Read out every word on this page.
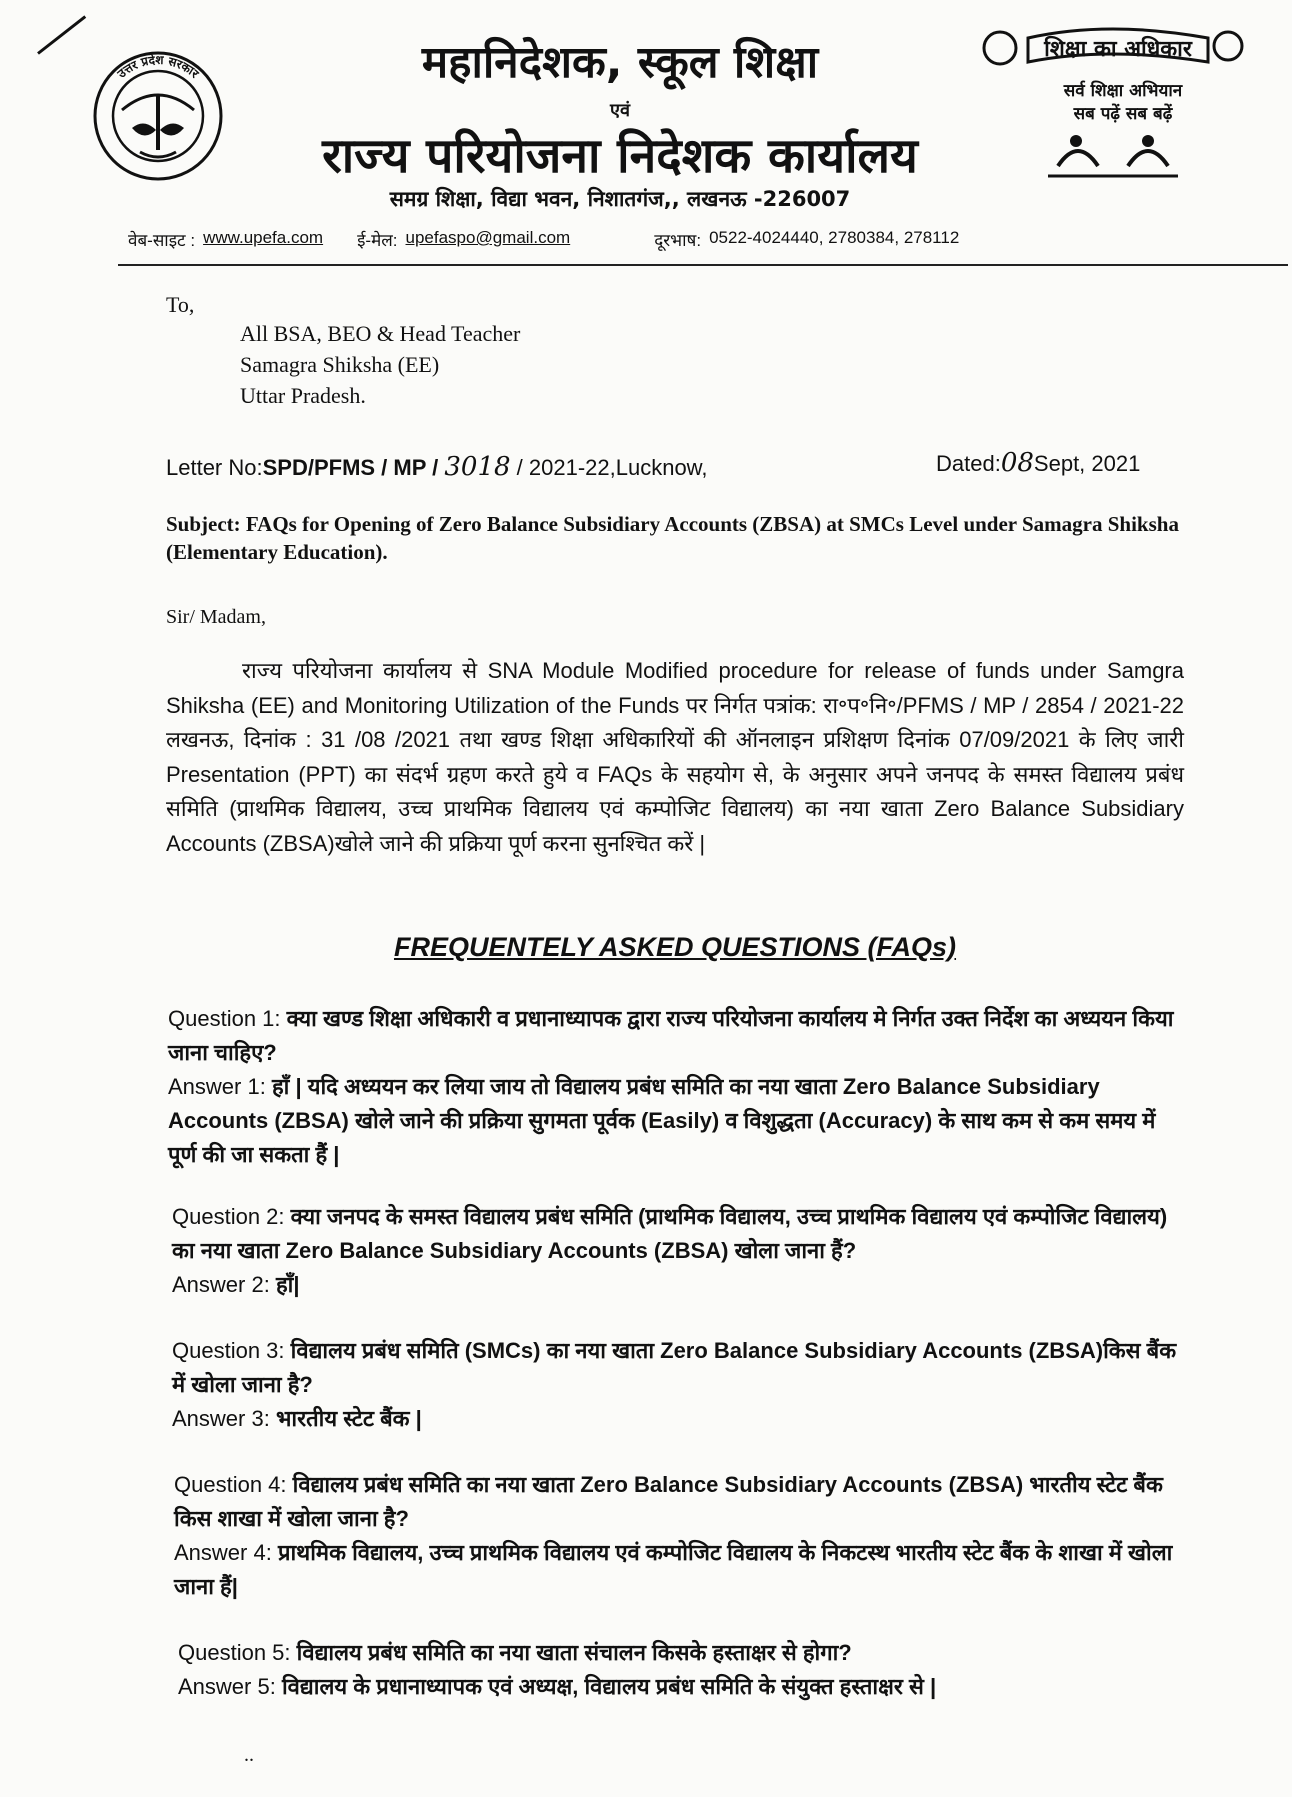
उत्तर प्रदेश सरकार	महानिदेशक, स्कूल शिक्षा
एवं
राज्य परियोजना निदेशक कार्यालय
समग्र शिक्षा, विद्या भवन, निशातगंज,, लखनऊ -226007
शिक्षा का अधिकार
सर्व शिक्षा अभियान
सब पढ़ें सब बढ़ें
वेब-साइट : www.upefa.com ई-मेल: upefaspo@gmail.com	दूरभाष: 0522-4024440, 2780384, 278112
To,
All BSA, BEO & Head Teacher
Samagra Shiksha (EE)
Uttar Pradesh.
Letter No:SPD/PFMS / MP / 3018 / 2021-22,Lucknow,	Dated:08Sept, 2021
Subject: FAQs for Opening of Zero Balance Subsidiary Accounts (ZBSA) at SMCs Level under Samagra Shiksha (Elementary Education).
Sir/ Madam,
राज्य परियोजना कार्यालय से SNA Module Modified procedure for release of funds under Samgra Shiksha (EE) and Monitoring Utilization of the Funds पर निर्गत पत्रांक: रा॰प॰नि॰/PFMS / MP / 2854 / 2021-22 लखनऊ, दिनांक : 31 /08 /2021 तथा खण्ड शिक्षा अधिकारियों की ऑनलाइन प्रशिक्षण दिनांक 07/09/2021 के लिए जारी Presentation (PPT) का संदर्भ ग्रहण करते हुये व FAQs के सहयोग से, के अनुसार अपने जनपद के समस्त विद्यालय प्रबंध समिति (प्राथमिक विद्यालय, उच्च प्राथमिक विद्यालय एवं कम्पोजिट विद्यालय) का नया खाता Zero Balance Subsidiary Accounts (ZBSA)खोले जाने की प्रक्रिया पूर्ण करना सुनश्चित करें |
FREQUENTELY ASKED QUESTIONS (FAQs)
Question 1: क्या खण्ड शिक्षा अधिकारी व प्रधानाध्यापक द्वारा राज्य परियोजना कार्यालय मे निर्गत उक्त निर्देश का अध्ययन किया जाना चाहिए?
Answer 1: हाँ | यदि अध्ययन कर लिया जाय तो विद्यालय प्रबंध समिति का नया खाता Zero Balance Subsidiary Accounts (ZBSA) खोले जाने की प्रक्रिया सुगमता पूर्वक (Easily) व विशुद्धता (Accuracy) के साथ कम से कम समय में पूर्ण की जा सकता हैं |
Question 2: क्या जनपद के समस्त विद्यालय प्रबंध समिति (प्राथमिक विद्यालय, उच्च प्राथमिक विद्यालय एवं कम्पोजिट विद्यालय) का नया खाता Zero Balance Subsidiary Accounts (ZBSA) खोला जाना हैं?
Answer 2: हाँ|
Question 3: विद्यालय प्रबंध समिति (SMCs) का नया खाता Zero Balance Subsidiary Accounts (ZBSA)किस बैंक में खोला जाना है?
Answer 3: भारतीय स्टेट बैंक |
Question 4: विद्यालय प्रबंध समिति का नया खाता Zero Balance Subsidiary Accounts (ZBSA) भारतीय स्टेट बैंक किस शाखा में खोला जाना है?
Answer 4: प्राथमिक विद्यालय, उच्च प्राथमिक विद्यालय एवं कम्पोजिट विद्यालय के निकटस्थ भारतीय स्टेट बैंक के शाखा में खोला जाना हैं|
Question 5: विद्यालय प्रबंध समिति का नया खाता संचालन किसके हस्ताक्षर से होगा?
Answer 5: विद्यालय के प्रधानाध्यापक एवं अध्यक्ष, विद्यालय प्रबंध समिति के संयुक्त हस्ताक्षर से |
..
